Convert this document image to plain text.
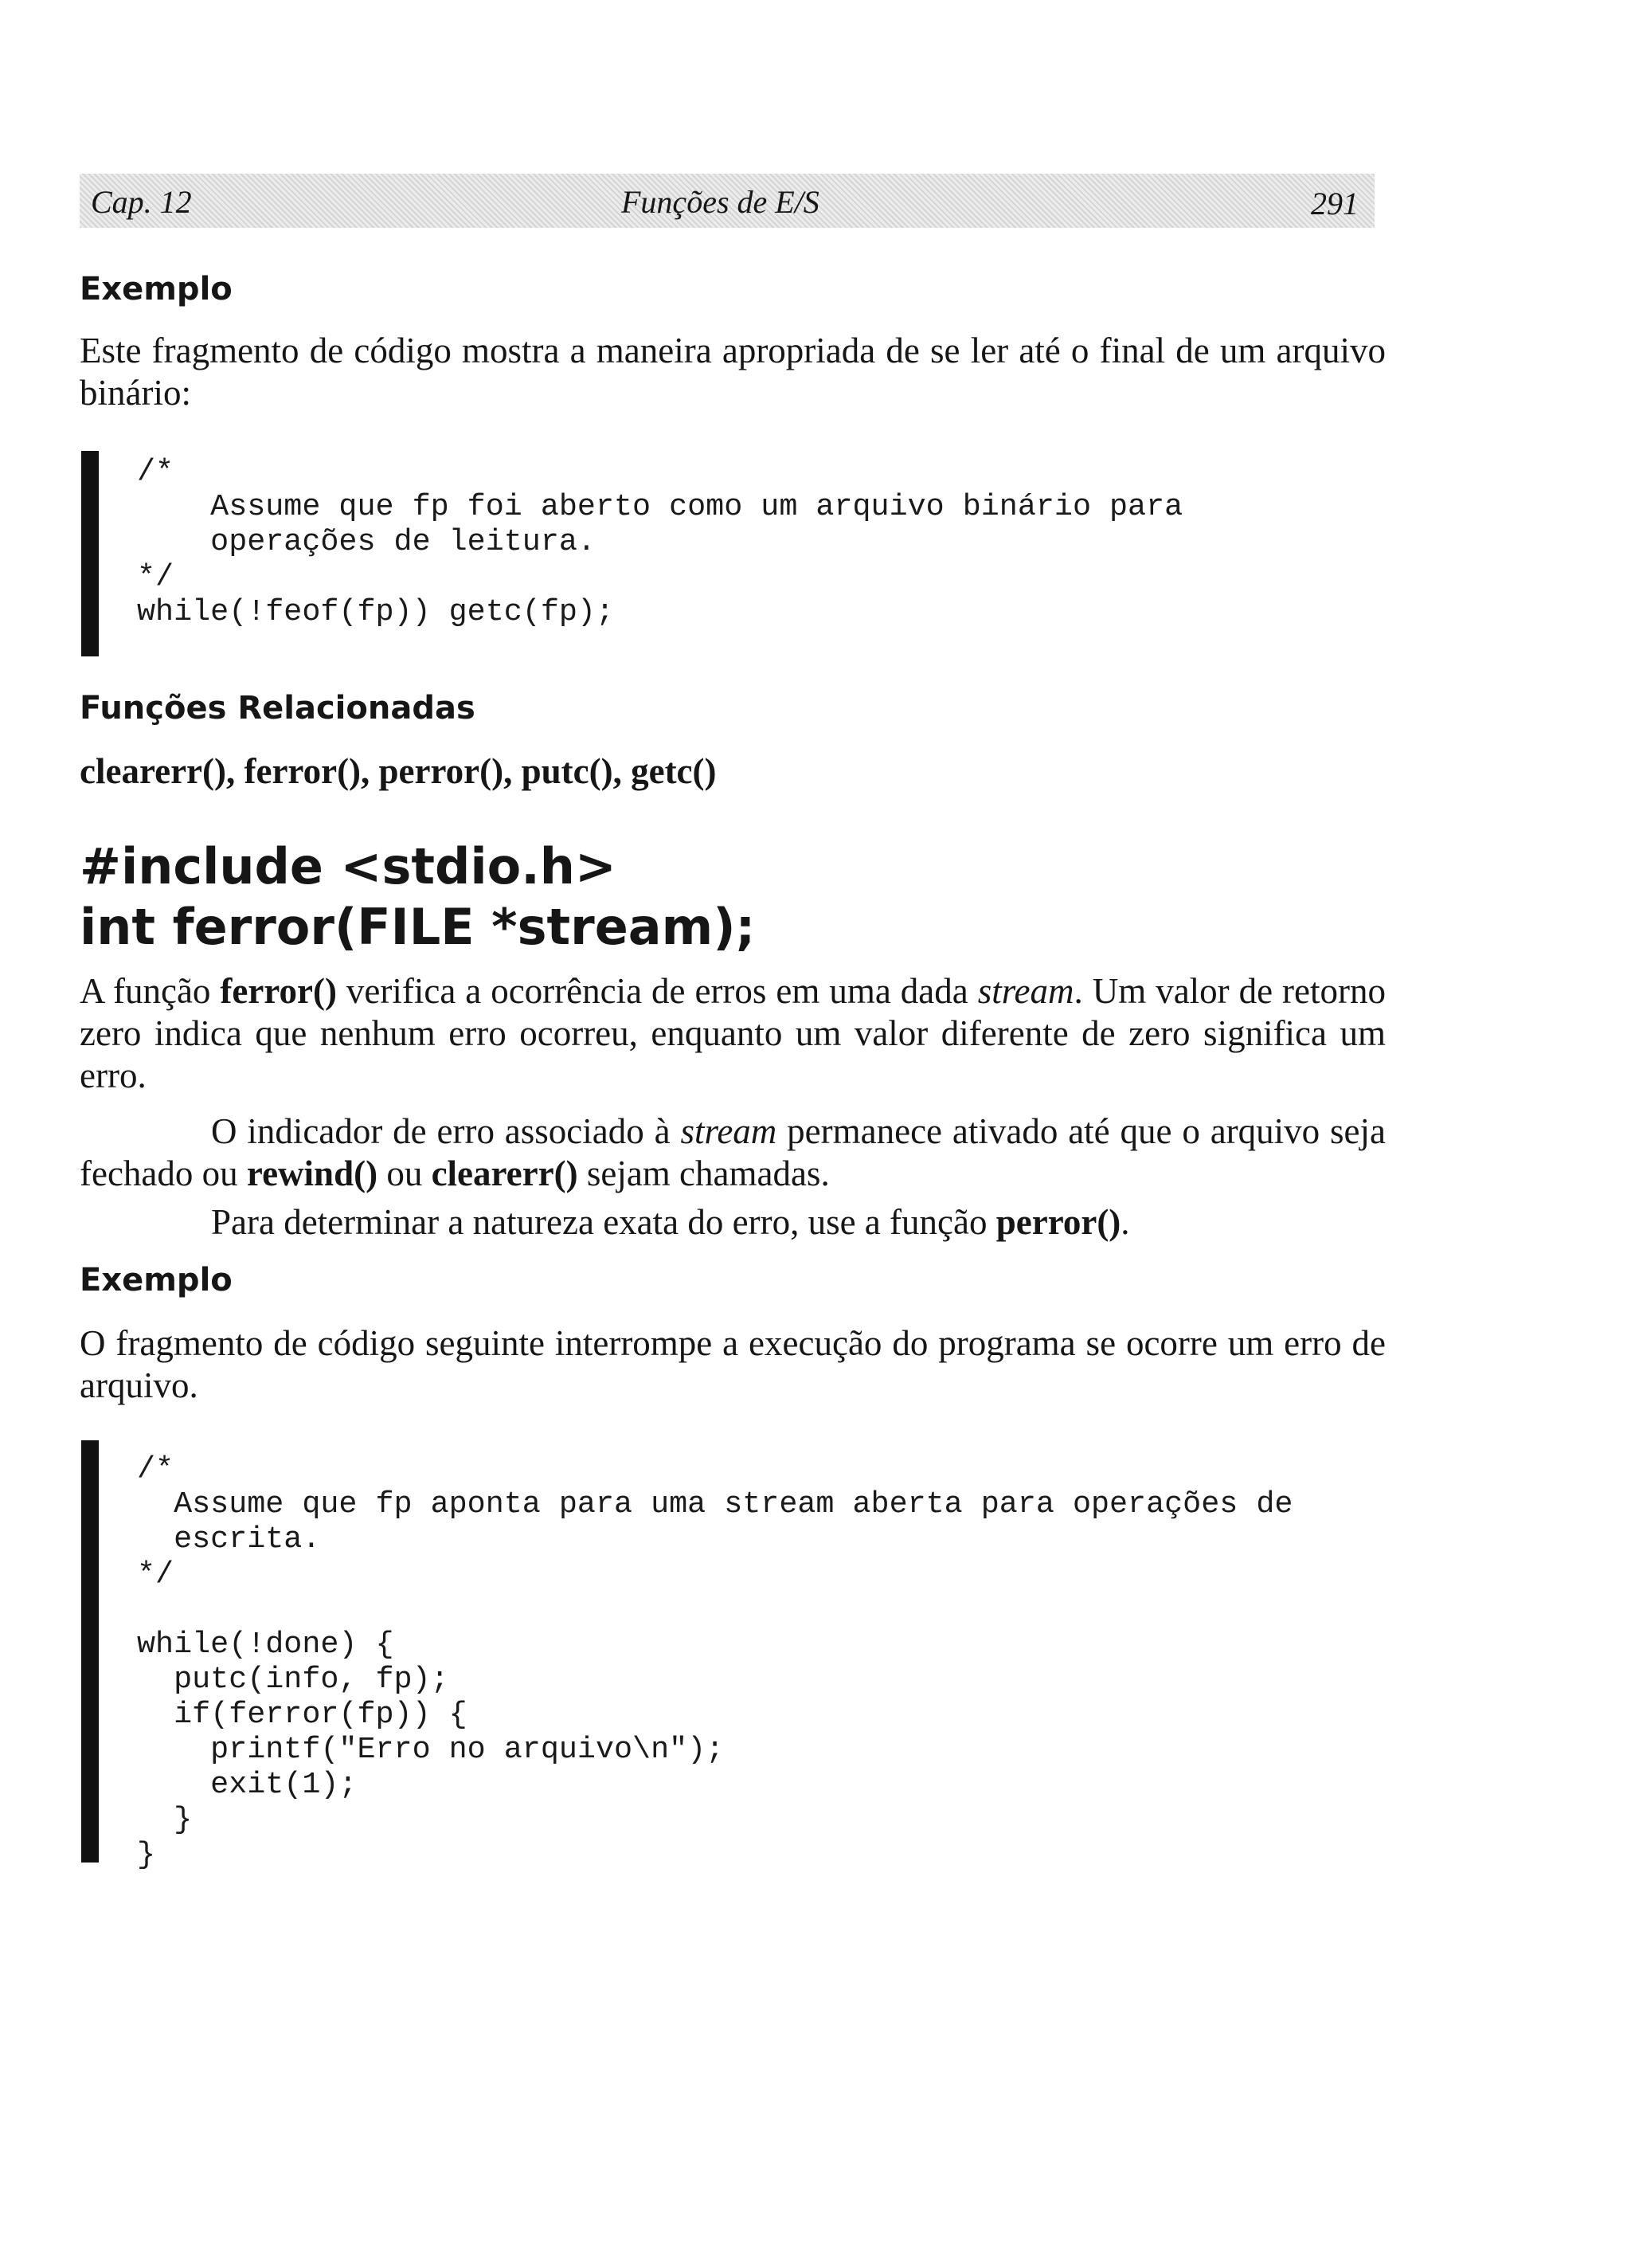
Cap. 12	Funções de E/S	291
Exemplo

Este fragmento de código mostra a maneira apropriada de se ler até o final de um arquivo binário:

/*
Assume que fp foi aberto como um arquivo binário para
operações de leitura.
*/
while(!feof(fp)) getc(fp);
Funções Relacionadas

clearerr(), ferror(), perror(), putc(), getc()

#include <stdio.h>
int ferror(FILE *stream);

A função ferror() verifica a ocorrência de erros em uma dada stream. Um valor de retorno zero indica que nenhum erro ocorreu, enquanto um valor diferente de zero significa um erro.

O indicador de erro associado à stream permanece ativado até que o arquivo seja fechado ou rewind() ou clearerr() sejam chamadas.

Para determinar a natureza exata do erro, use a função perror().

Exemplo

O fragmento de código seguinte interrompe a execução do programa se ocorre um erro de arquivo.

/*
Assume que fp aponta para uma stream aberta para operações de
escrita.
*/

while(!done) {
putc(info, fp);
if(ferror(fp)) {
printf("Erro no arquivo\n");
exit(1);
}
}
